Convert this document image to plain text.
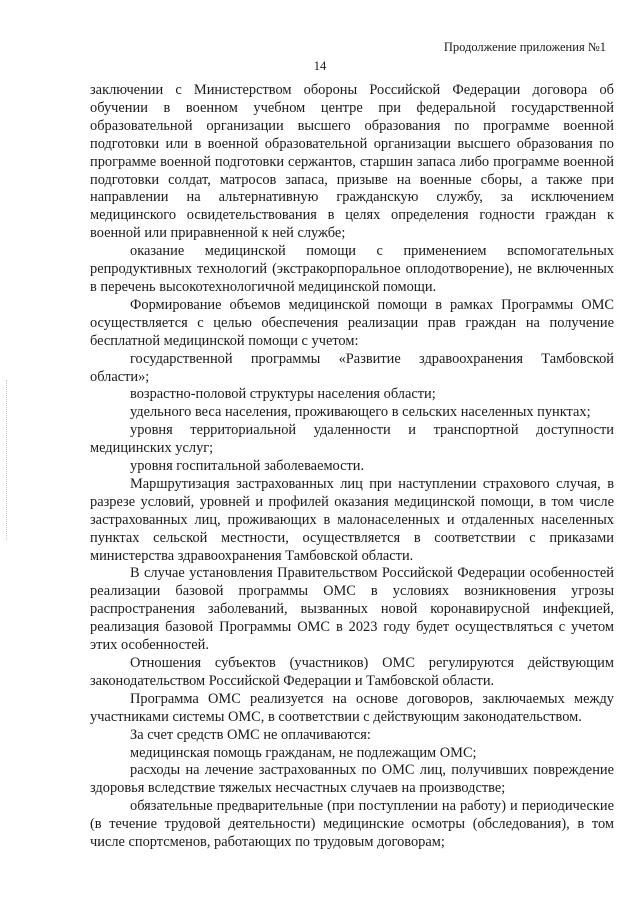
Продолжение приложения №1
14

заключении с Министерством обороны Российской Федерации договора об обучении в военном учебном центре при федеральной государственной образовательной организации высшего образования по программе военной подготовки или в военной образовательной организации высшего образования по программе военной подготовки сержантов, старшин запаса либо программе военной подготовки солдат, матросов запаса, призыве на военные сборы, а также при направлении на альтернативную гражданскую службу, за исключением медицинского освидетельствования в целях определения годности граждан к военной или приравненной к ней службе;

оказание медицинской помощи с применением вспомогательных репродуктивных технологий (экстракорпоральное оплодотворение), не включенных в перечень высокотехнологичной медицинской помощи.

Формирование объемов медицинской помощи в рамках Программы ОМС осуществляется с целью обеспечения реализации прав граждан на получение бесплатной медицинской помощи с учетом:

государственной программы «Развитие здравоохранения Тамбовской области»;

возрастно-половой структуры населения области;

удельного веса населения, проживающего в сельских населенных пунктах;

уровня территориальной удаленности и транспортной доступности медицинских услуг;

уровня госпитальной заболеваемости.

Маршрутизация застрахованных лиц при наступлении страхового случая, в разрезе условий, уровней и профилей оказания медицинской помощи, в том числе застрахованных лиц, проживающих в малонаселенных и отдаленных населенных пунктах сельской местности, осуществляется в соответствии с приказами министерства здравоохранения Тамбовской области.

В случае установления Правительством Российской Федерации особенностей реализации базовой программы ОМС в условиях возникновения угрозы распространения заболеваний, вызванных новой коронавирусной инфекцией, реализация базовой Программы ОМС в 2023 году будет осуществляться с учетом этих особенностей.

Отношения субъектов (участников) ОМС регулируются действующим законодательством Российской Федерации и Тамбовской области.

Программа ОМС реализуется на основе договоров, заключаемых между участниками системы ОМС, в соответствии с действующим законодательством.

За счет средств ОМС не оплачиваются:

медицинская помощь гражданам, не подлежащим ОМС;

расходы на лечение застрахованных по ОМС лиц, получивших повреждение здоровья вследствие тяжелых несчастных случаев на производстве;

обязательные предварительные (при поступлении на работу) и периодические (в течение трудовой деятельности) медицинские осмотры (обследования), в том числе спортсменов, работающих по трудовым договорам;
